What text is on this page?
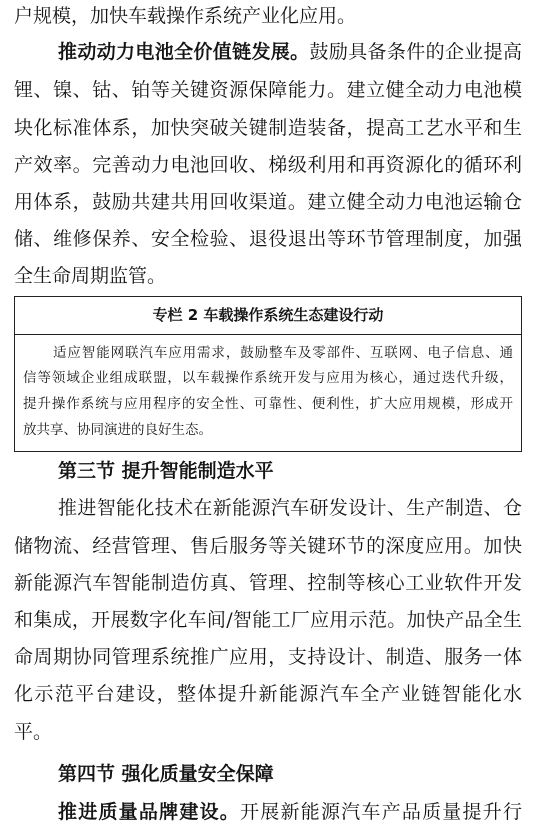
户规模，加快车载操作系统产业化应用。
推动动力电池全价值链发展。鼓励具备条件的企业提高
锂、镍、钴、铂等关键资源保障能力。建立健全动力电池模
块化标准体系，加快突破关键制造装备，提高工艺水平和生
产效率。完善动力电池回收、梯级利用和再资源化的循环利
用体系，鼓励共建共用回收渠道。建立健全动力电池运输仓
储、维修保养、安全检验、退役退出等环节管理制度，加强
全生命周期监管。
专栏 2 车载操作系统生态建设行动
适应智能网联汽车应用需求，鼓励整车及零部件、互联网、电子信息、通
信等领域企业组成联盟，以车载操作系统开发与应用为核心，通过迭代升级，
提升操作系统与应用程序的安全性、可靠性、便利性，扩大应用规模，形成开
放共享、协同演进的良好生态。
第三节 提升智能制造水平
推进智能化技术在新能源汽车研发设计、生产制造、仓
储物流、经营管理、售后服务等关键环节的深度应用。加快
新能源汽车智能制造仿真、管理、控制等核心工业软件开发
和集成，开展数字化车间/智能工厂应用示范。加快产品全生
命周期协同管理系统推广应用，支持设计、制造、服务一体
化示范平台建设，整体提升新能源汽车全产业链智能化水
平。
第四节 强化质量安全保障
推进质量品牌建设。开展新能源汽车产品质量提升行
